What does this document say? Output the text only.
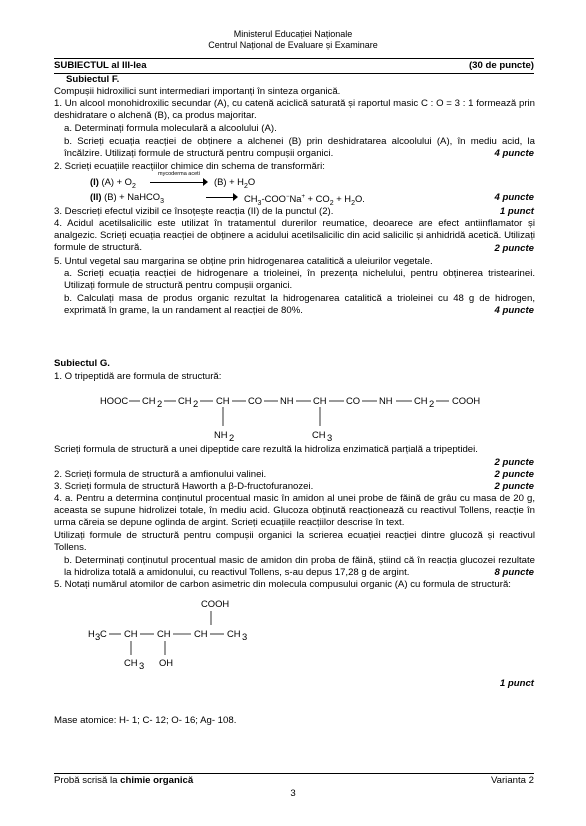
Ministerul Educației Naționale
Centrul Național de Evaluare și Examinare
SUBIECTUL al III-lea	(30 de puncte)
Subiectul F.
Compușii hidroxilici sunt intermediari importanți în sinteza organică.
1. Un alcool monohidroxilic secundar (A), cu catenă aciclică saturată și raportul masic C : O = 3 : 1 formează prin deshidratare o alchenă (B), ca produs majoritar.
a. Determinați formula moleculară a alcoolului (A).
b. Scrieți ecuația reacției de obținere a alchenei (B) prin deshidratarea alcoolului (A), în mediu acid, la încălzire. Utilizați formule de structură pentru compușii organici.	4 puncte
2. Scrieți ecuațiile reacțiilor chimice din schema de transformări:
(I) $(A) + O_2$
mycoderma aceti
$(B) + H_2O$
(II) (B) + NaHCO$_3$	$CH_3-COO^-Na^+ + CO_2 + H_2O$.	4 puncte
3. Descrieți efectul vizibil ce însoțește reacția (II) de la punctul (2).	1 punct
4. Acidul acetilsalicilic este utilizat în tratamentul durerilor reumatice, deoarece are efect antiinflamator și analgezic. Scrieți ecuația reacției de obținere a acidului acetilsalicilic din acid salicilic și anhidridă acetică. Utilizați formule de structură.	2 puncte
5. Untul vegetal sau margarina se obține prin hidrogenarea catalitică a uleiurilor vegetale.
a. Scrieți ecuația reacției de hidrogenare a trioleinei, în prezența nichelului, pentru obținerea tristearinei. Utilizați formule de structură pentru compușii organici.
b. Calculați masa de produs organic rezultat la hidrogenarea catalitică a trioleinei cu 48 g de hidrogen, exprimată în grame, la un randament al reacției de 80%.	4 puncte
Subiectul G.
1. O tripeptidă are formula de structură:
HOOC CH 2 CH 2 CH CO NH CH CO NH CH 2 COOH
NH 2	CH 3
Scrieți formula de structură a unei dipeptide care rezultă la hidroliza enzimatică parțială a tripeptidei.
2 puncte
2. Scrieți formula de structură a amfionului valinei.	2 puncte
3. Scrieți formula de structură Haworth a β-D-fructofuranozei.	2 puncte
4. a. Pentru a determina conținutul procentual masic în amidon al unei probe de făină de grâu cu masa de 20 g, aceasta se supune hidrolizei totale, în mediu acid. Glucoza obținută reacționează cu reactivul Tollens, reacție în urma căreia se depune oglinda de argint. Scrieți ecuațiile reacțiilor descrise în text.
Utilizați formule de structură pentru compușii organici la scrierea ecuației reacției dintre glucoză și reactivul Tollens.
b. Determinați conținutul procentual masic de amidon din proba de făină, știind că în reacția glucozei rezultate la hidroliza totală a amidonului, cu reactivul Tollens, s-au depus 17,28 g de argint.	8 puncte
5. Notați numărul atomilor de carbon asimetric din molecula compusului organic (A) cu formula de structură:
COOH
H 3 C CH CH CH CH 3
CH 3 OH
1 punct
Mase atomice: H- 1; C- 12; O- 16; Ag- 108.
Probă scrisă la chimie organică	Varianta 2
3
